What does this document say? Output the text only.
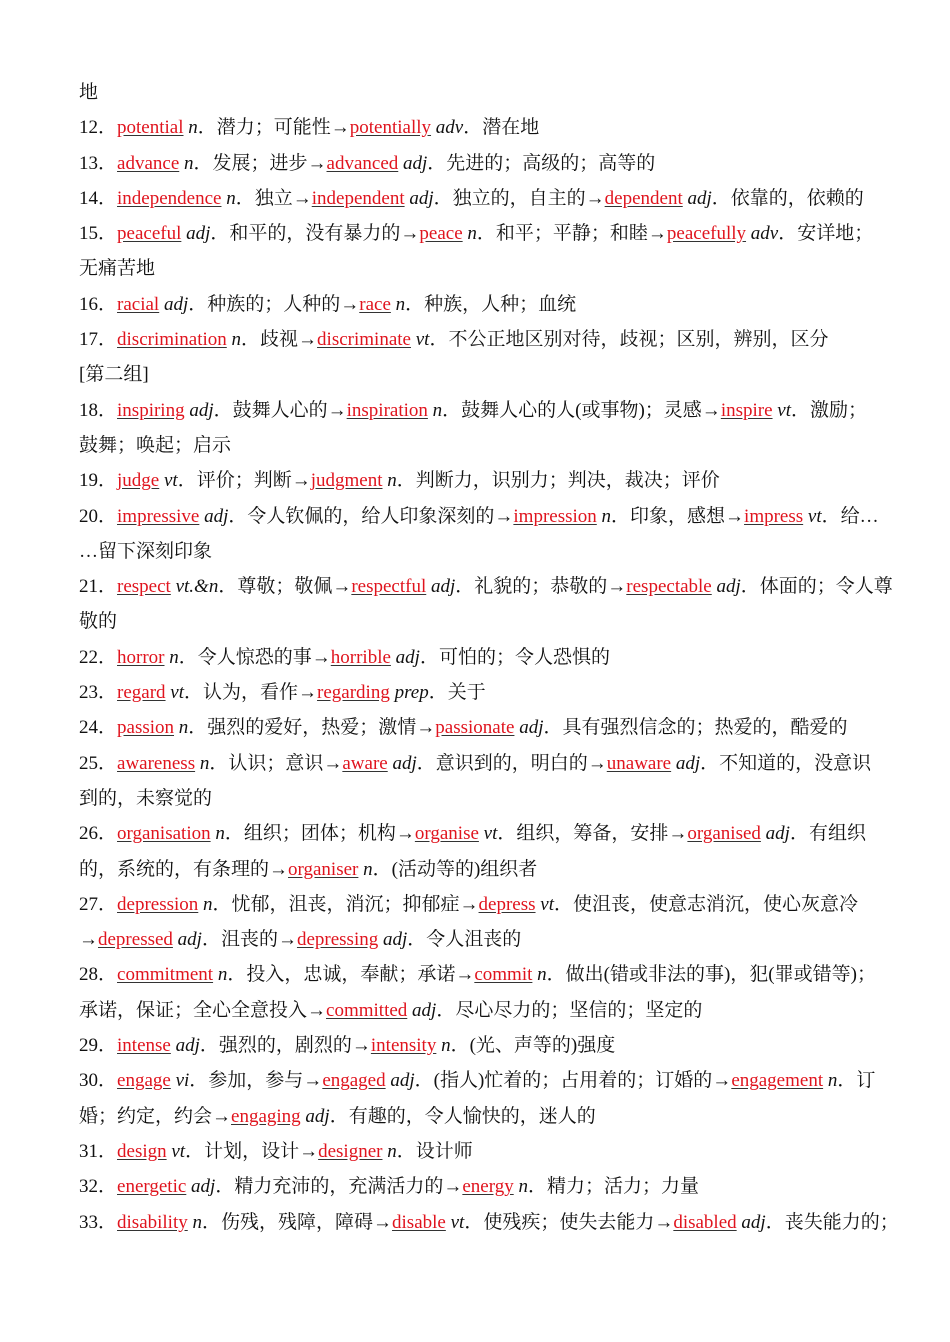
地
12．potential n．潜力；可能性→potentially adv．潜在地
13．advance n．发展；进步→advanced adj．先进的；高级的；高等的
14．independence n．独立→independent adj．独立的，自主的→dependent adj．依靠的，依赖的
15．peaceful adj．和平的，没有暴力的→peace n．和平；平静；和睦→peacefully adv．安详地；
无痛苦地
16．racial adj．种族的；人种的→race n．种族，人种；血统
17．discrimination n．歧视→discriminate vt．不公正地区别对待，歧视；区别，辨别，区分
[第二组]
18．inspiring adj．鼓舞人心的→inspiration n．鼓舞人心的人(或事物)；灵感→inspire vt．激励；
鼓舞；唤起；启示
19．judge vt．评价；判断→judgment n．判断力，识别力；判决，裁决；评价
20．impressive adj．令人钦佩的，给人印象深刻的→impression n．印象，感想→impress vt．给…
…留下深刻印象
21．respect vt.&n．尊敬；敬佩→respectful adj．礼貌的；恭敬的→respectable adj．体面的；令人尊
敬的
22．horror n．令人惊恐的事→horrible adj．可怕的；令人恐惧的
23．regard vt．认为，看作→regarding prep．关于
24．passion n．强烈的爱好，热爱；激情→passionate adj．具有强烈信念的；热爱的，酷爱的
25．awareness n．认识；意识→aware adj．意识到的，明白的→unaware adj．不知道的，没意识
到的，未察觉的
26．organisation n．组织；团体；机构→organise vt．组织，筹备，安排→organised adj．有组织
的，系统的，有条理的→organiser n．(活动等的)组织者
27．depression n．忧郁，沮丧，消沉；抑郁症→depress vt．使沮丧，使意志消沉，使心灰意冷
→depressed adj．沮丧的→depressing adj．令人沮丧的
28．commitment n．投入，忠诚，奉献；承诺→commit n．做出(错或非法的事)，犯(罪或错等)；
承诺，保证；全心全意投入→committed adj．尽心尽力的；坚信的；坚定的
29．intense adj．强烈的，剧烈的→intensity n．(光、声等的)强度
30．engage vi．参加，参与→engaged adj．(指人)忙着的；占用着的；订婚的→engagement n．订
婚；约定，约会→engaging adj．有趣的，令人愉快的，迷人的
31．design vt．计划，设计→designer n．设计师
32．energetic adj．精力充沛的，充满活力的→energy n．精力；活力；力量
33．disability n．伤残，残障，障碍→disable vt．使残疾；使失去能力→disabled adj．丧失能力的；
